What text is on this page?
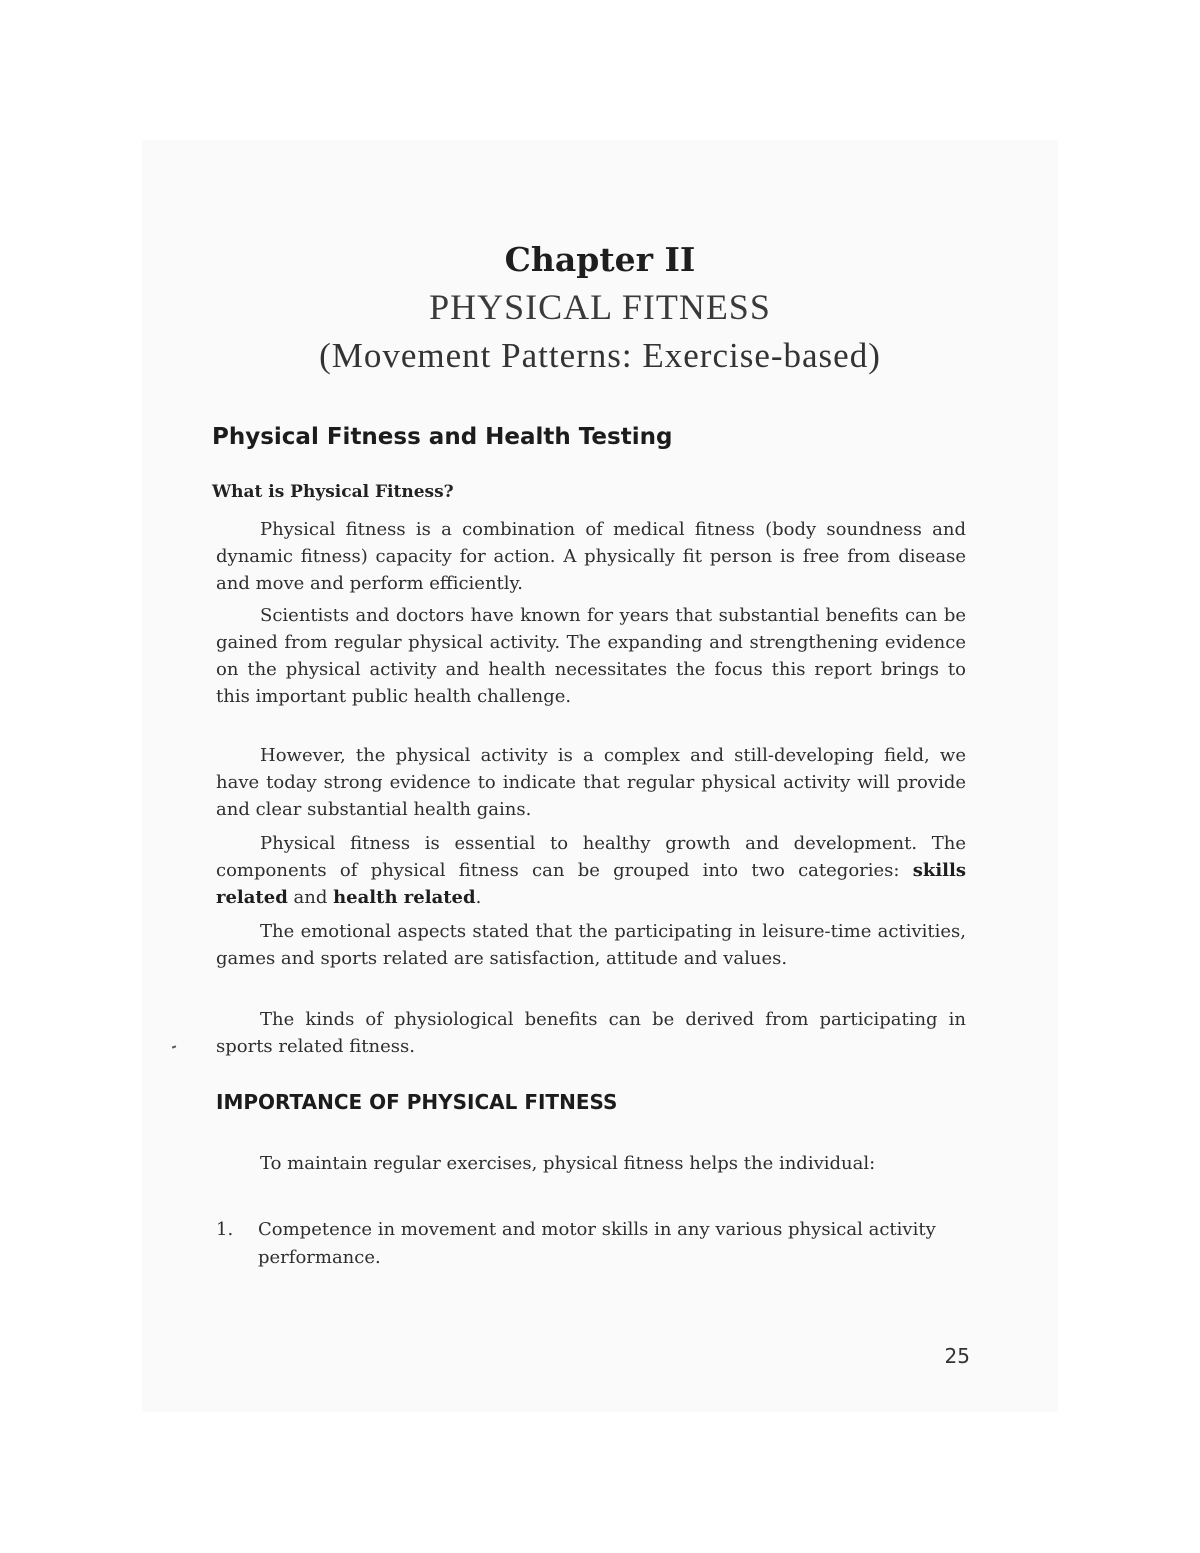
Chapter II
PHYSICAL FITNESS
(Movement Patterns: Exercise-based)
Physical Fitness and Health Testing
What is Physical Fitness?

Physical fitness is a combination of medical fitness (body soundness and dynamic fitness) capacity for action. A physically fit person is free from disease and move and perform efficiently.

Scientists and doctors have known for years that substantial benefits can be gained from regular physical activity. The expanding and strengthening evidence on the physical activity and health necessitates the focus this report brings to this important public health challenge.

However, the physical activity is a complex and still-developing field, we have today strong evidence to indicate that regular physical activity will provide and clear substantial health gains.

Physical fitness is essential to healthy growth and development. The components of physical fitness can be grouped into two categories: skills related and health related.

The emotional aspects stated that the participating in leisure-time activities, games and sports related are satisfaction, attitude and values.

The kinds of physiological benefits can be derived from participating in sports related fitness.

IMPORTANCE OF PHYSICAL FITNESS

To maintain regular exercises, physical fitness helps the individual:

1. Competence in movement and motor skills in any various physical activity performance.
25
